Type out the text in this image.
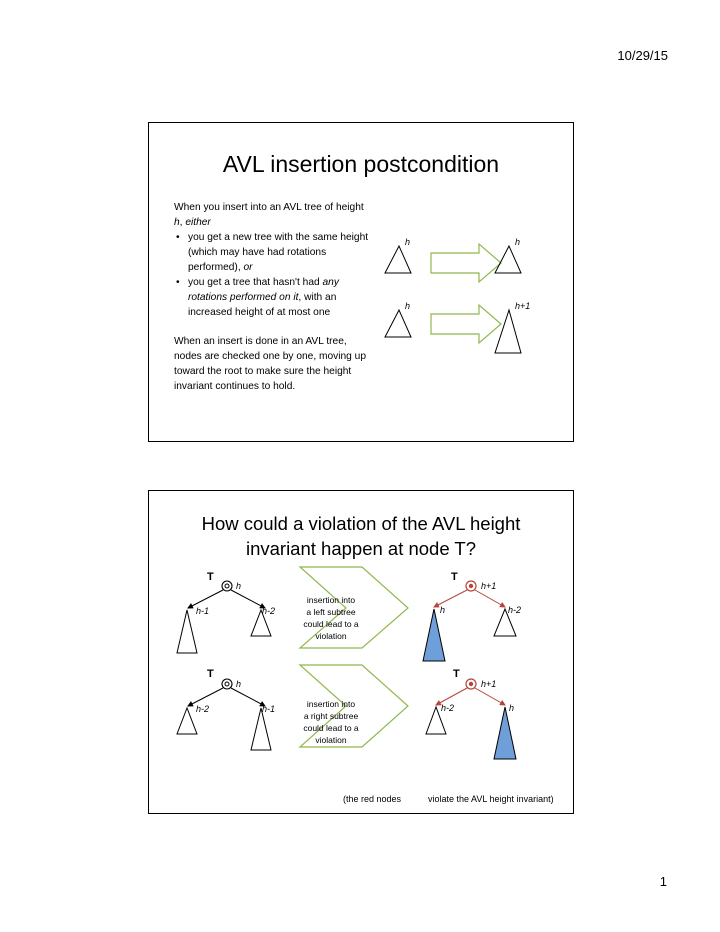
10/29/15
AVL insertion postcondition

When you insert into an AVL tree of height h, either

• you get a new tree with the same height (which may have had rotations performed), or
• you get a tree that hasn't had any rotations performed on it, with an increased height of at most one

When an insert is done in an AVL tree, nodes are checked one by one, moving up toward the root to make sure the height invariant continues to hold.

h	h
h	h+1
How could a violation of the AVL height
invariant happen at node T?
T
h
h-1	h-2
insertion into
a left subtree
could lead to a
violation
T
h+1
h	h-2
T
h
h-2	h-1	insertion into
a right subtree
could lead to a
violation
T
h+1
h-2	h
(the red nodes	violate the AVL height invariant)
1
